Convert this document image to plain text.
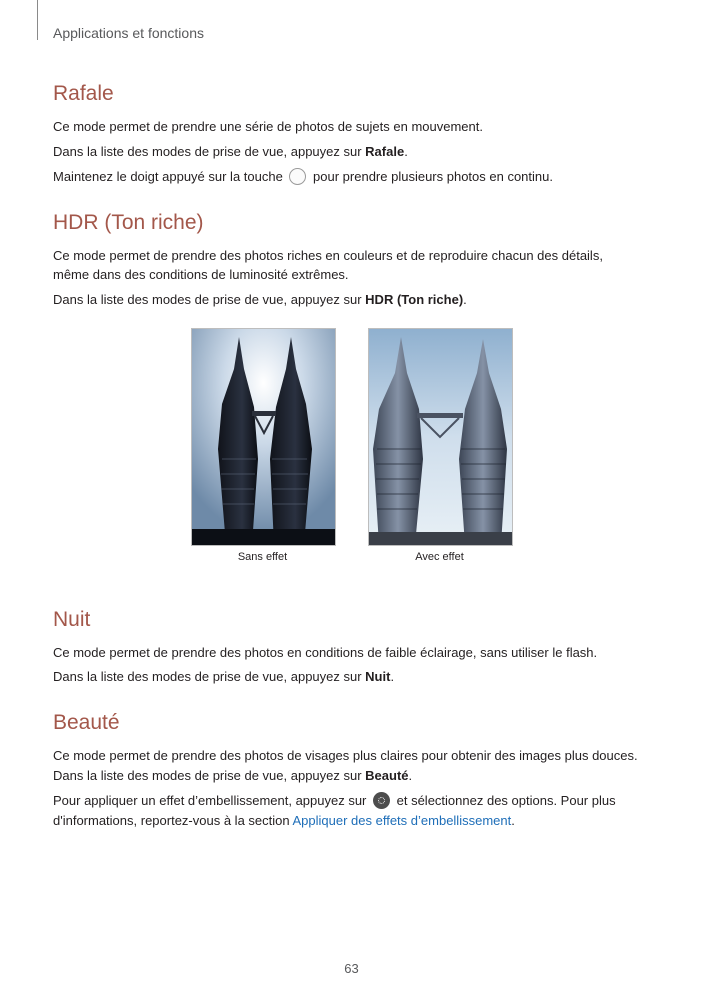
Applications et fonctions
Rafale
Ce mode permet de prendre une série de photos de sujets en mouvement.
Dans la liste des modes de prise de vue, appuyez sur Rafale.
Maintenez le doigt appuyé sur la touche  pour prendre plusieurs photos en continu.
HDR (Ton riche)
Ce mode permet de prendre des photos riches en couleurs et de reproduire chacun des détails,
même dans des conditions de luminosité extrêmes.
Dans la liste des modes de prise de vue, appuyez sur HDR (Ton riche).
Sans effet	Avec effet
Nuit
Ce mode permet de prendre des photos en conditions de faible éclairage, sans utiliser le flash.
Dans la liste des modes de prise de vue, appuyez sur Nuit.
Beauté
Ce mode permet de prendre des photos de visages plus claires pour obtenir des images plus douces.
Dans la liste des modes de prise de vue, appuyez sur Beauté.
Pour appliquer un effet d’embellissement, appuyez sur  et sélectionnez des options. Pour plus
d'informations, reportez-vous à la section Appliquer des effets d’embellissement.
63
